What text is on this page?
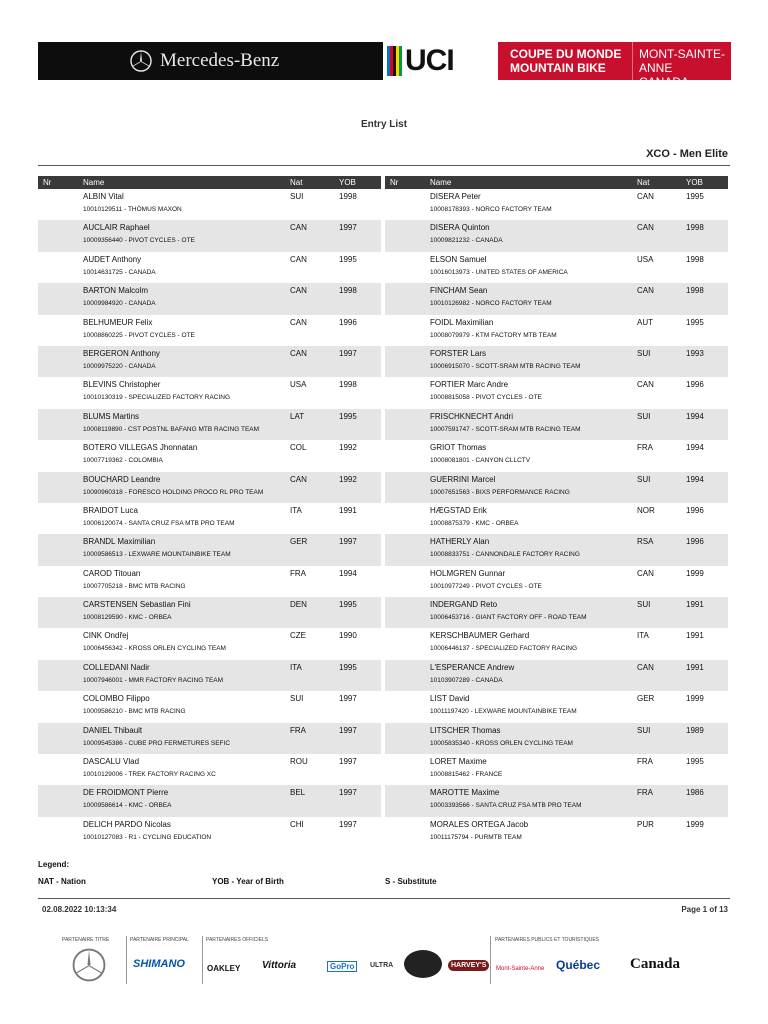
Mercedes-Benz	UCI	COUPE DU MONDE
MOUNTAIN BIKE
MONT-SAINTE-ANNE
CANADA
Entry List
XCO - Men Elite
Nr	Name	Nat	YOB
ALBIN Vital	SUI	1998
10010129511 - THÖMUS MAXON
AUCLAIR Raphael	CAN	1997
10009356440 - PIVOT CYCLES - OTE
AUDET Anthony	CAN	1995
10014631725 - CANADA
BARTON Malcolm	CAN	1998
10009984920 - CANADA
BELHUMEUR Felix	CAN	1996
10008860225 - PIVOT CYCLES - OTE
BERGERON Anthony	CAN	1997
10009975220 - CANADA
BLEVINS Christopher	USA	1998
10010130319 - SPECIALIZED FACTORY RACING
BLUMS Martins	LAT	1995
10008119890 - CST POSTNL BAFANG MTB RACING TEAM
BOTERO VILLEGAS Jhonnatan	COL	1992
10007719362 - COLOMBIA
BOUCHARD Leandre	CAN	1992
10090960318 - FORESCO HOLDING PROCO RL PRO TEAM
BRAIDOT Luca	ITA	1991
10006120074 - SANTA CRUZ FSA MTB PRO TEAM
BRANDL Maximilian	GER	1997
10009586513 - LEXWARE MOUNTAINBIKE TEAM
CAROD Titouan	FRA	1994
10007705218 - BMC MTB RACING
CARSTENSEN Sebastian Fini	DEN	1995
10008129590 - KMC - ORBEA
CINK Ondřej	CZE	1990
10006456342 - KROSS ORLEN CYCLING TEAM
COLLEDANI Nadir	ITA	1995
10007946001 - MMR FACTORY RACING TEAM
COLOMBO Filippo	SUI	1997
10009586210 - BMC MTB RACING
DANIEL Thibault	FRA	1997
10009545386 - CUBE PRO FERMETURES SEFIC
DASCALU Vlad	ROU	1997
10010129006 - TREK FACTORY RACING XC
DE FROIDMONT Pierre	BEL	1997
10009586614 - KMC - ORBEA
DELICH PARDO Nicolas	CHI	1997
10010127083 - R1 - CYCLING EDUCATION
Nr	Name	Nat	YOB
DISERA Peter	CAN	1995
10008178393 - NORCO FACTORY TEAM
DISERA Quinton	CAN	1998
10009821232 - CANADA
ELSON Samuel	USA	1998
10016013973 - UNITED STATES OF AMERICA
FINCHAM Sean	CAN	1998
10010126982 - NORCO FACTORY TEAM
FOIDL Maximilian	AUT	1995
10008079979 - KTM FACTORY MTB TEAM
FORSTER Lars	SUI	1993
10006915070 - SCOTT-SRAM MTB RACING TEAM
FORTIER Marc Andre	CAN	1996
10008815058 - PIVOT CYCLES - OTE
FRISCHKNECHT Andri	SUI	1994
10007591747 - SCOTT-SRAM MTB RACING TEAM
GRIOT Thomas	FRA	1994
10008081801 - CANYON CLLCTV
GUERRINI Marcel	SUI	1994
10007651563 - BIXS PERFORMANCE RACING
HÆGSTAD Erik	NOR	1996
10008875379 - KMC - ORBEA
HATHERLY Alan	RSA	1996
10008833751 - CANNONDALE FACTORY RACING
HOLMGREN Gunnar	CAN	1999
10010977249 - PIVOT CYCLES - OTE
INDERGAND Reto	SUI	1991
10006453716 - GIANT FACTORY OFF - ROAD TEAM
KERSCHBAUMER Gerhard	ITA	1991
10006446137 - SPECIALIZED FACTORY RACING
L'ESPERANCE Andrew	CAN	1991
10103907289 - CANADA
LIST David	GER	1999
10011197420 - LEXWARE MOUNTAINBIKE TEAM
LITSCHER Thomas	SUI	1989
10005835340 - KROSS ORLEN CYCLING TEAM
LORET Maxime	FRA	1995
10008815462 - FRANCE
MAROTTE Maxime	FRA	1986
10003393566 - SANTA CRUZ FSA MTB PRO TEAM
MORALES ORTEGA Jacob	PUR	1999
10011175794 - PURMTB TEAM
Legend:
NAT - Nation	YOB - Year of Birth	S - Substitute
02.08.2022 10:13:34	Page 1 of 13
PARTENAIRE TITRE	PARTENAIRE PRINCIPAL	PARTENAIRES OFFICIELS	PARTENAIRES PUBLICS ET TOURISTIQUES
SHIMANO	OAKLEY Vittoria	GoPro	ULTRA	HARVEY'S	Mont-Sainte-Anne Québec Canada
